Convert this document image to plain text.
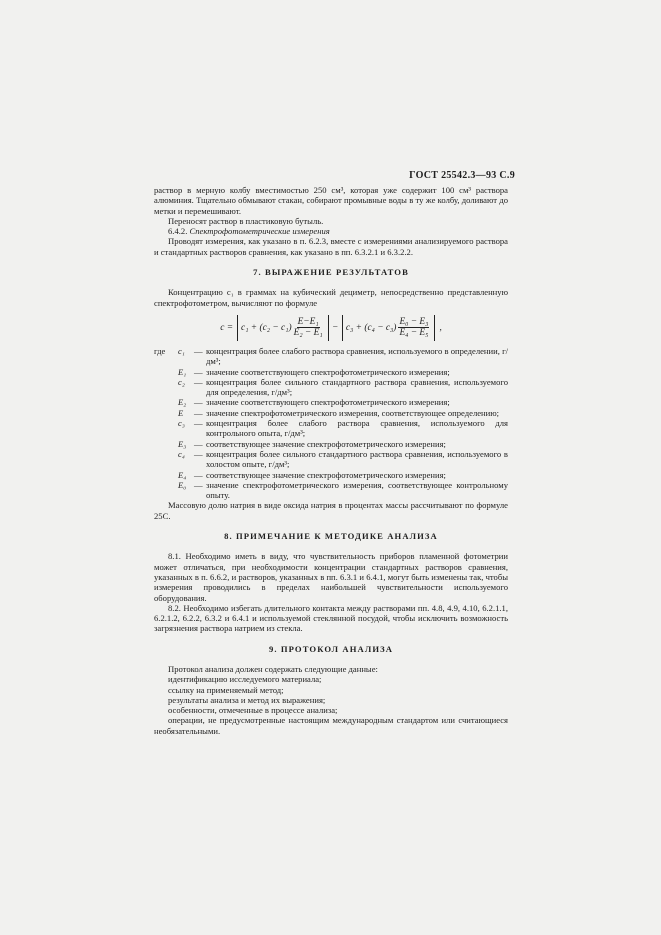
ГОСТ 25542.3—93 С.9

раствор в мерную колбу вместимостью 250 см³, которая уже содержит 100 см³ раствора алюминия. Тщательно обмывают стакан, собирают промывные воды в ту же колбу, доливают до метки и перемешивают.

Переносят раствор в пластиковую бутыль.

6.4.2. Спектрофотометрические измерения

Проводят измерения, как указано в п. 6.2.3, вместе с измерениями анализируемого раствора и стандартных растворов сравнения, как указано в пп. 6.3.2.1 и 6.3.2.2.

7. ВЫРАЖЕНИЕ РЕЗУЛЬТАТОВ

Концентрацию c₁ в граммах на кубический дециметр, непосредственно представленную спектрофотометром, вычисляют по формуле

$c = c_1 + (c_2 - c_1) \frac{\text{E−E₁}}{\text{E₂ − E₁}} - c_3 + (c_4 - c_3) \frac{\text{E₀ − E₃}}{\text{E₄ − E₅}}$ ,
где	c₁	— концентрация более слабого раствора сравнения, используемого в определении, г/дм³;
E₁ — значение соответствующего спектрофотометрического измерения;
c₂	— концентрация более сильного стандартного раствора сравнения, используемого для определения, г/дм³;
E₂ — значение соответствующего спектрофотометрического измерения;
E	— значение спектрофотометрического измерения, соответствующее определению;
c₃	— концентрация более слабого раствора сравнения, используемого для контрольного опыта, г/дм³;
E₃ — соответствующее значение спектрофотометрического измерения;
c₄	— концентрация более сильного стандартного раствора сравнения, используемого в холостом опыте, г/дм³;
E₄ — соответствующее значение спектрофотометрического измерения;
E₀ — значение спектрофотометрического измерения, соответствующее контрольному опыту.

Массовую долю натрия в виде оксида натрия в процентах массы рассчитывают по формуле 25С.

8. ПРИМЕЧАНИЕ К МЕТОДИКЕ АНАЛИЗА

8.1. Необходимо иметь в виду, что чувствительность приборов пламенной фотометрии может отличаться, при необходимости концентрации стандартных растворов сравнения, указанных в п. 6.6.2, и растворов, указанных в пп. 6.3.1 и 6.4.1, могут быть изменены так, чтобы измерения проводились в пределах наибольшей чувствительности используемого оборудования.

8.2. Необходимо избегать длительного контакта между растворами пп. 4.8, 4.9, 4.10, 6.2.1.1, 6.2.1.2, 6.2.2, 6.3.2 и 6.4.1 и используемой стеклянной посудой, чтобы исключить возможность загрязнения раствора натрием из стекла.

9. ПРОТОКОЛ АНАЛИЗА

Протокол анализа должен содержать следующие данные:

идентификацию исследуемого материала;

ссылку на применяемый метод;

результаты анализа и метод их выражения;

особенности, отмеченные в процессе анализа;

операции, не предусмотренные настоящим международным стандартом или считающиеся необязательными.
